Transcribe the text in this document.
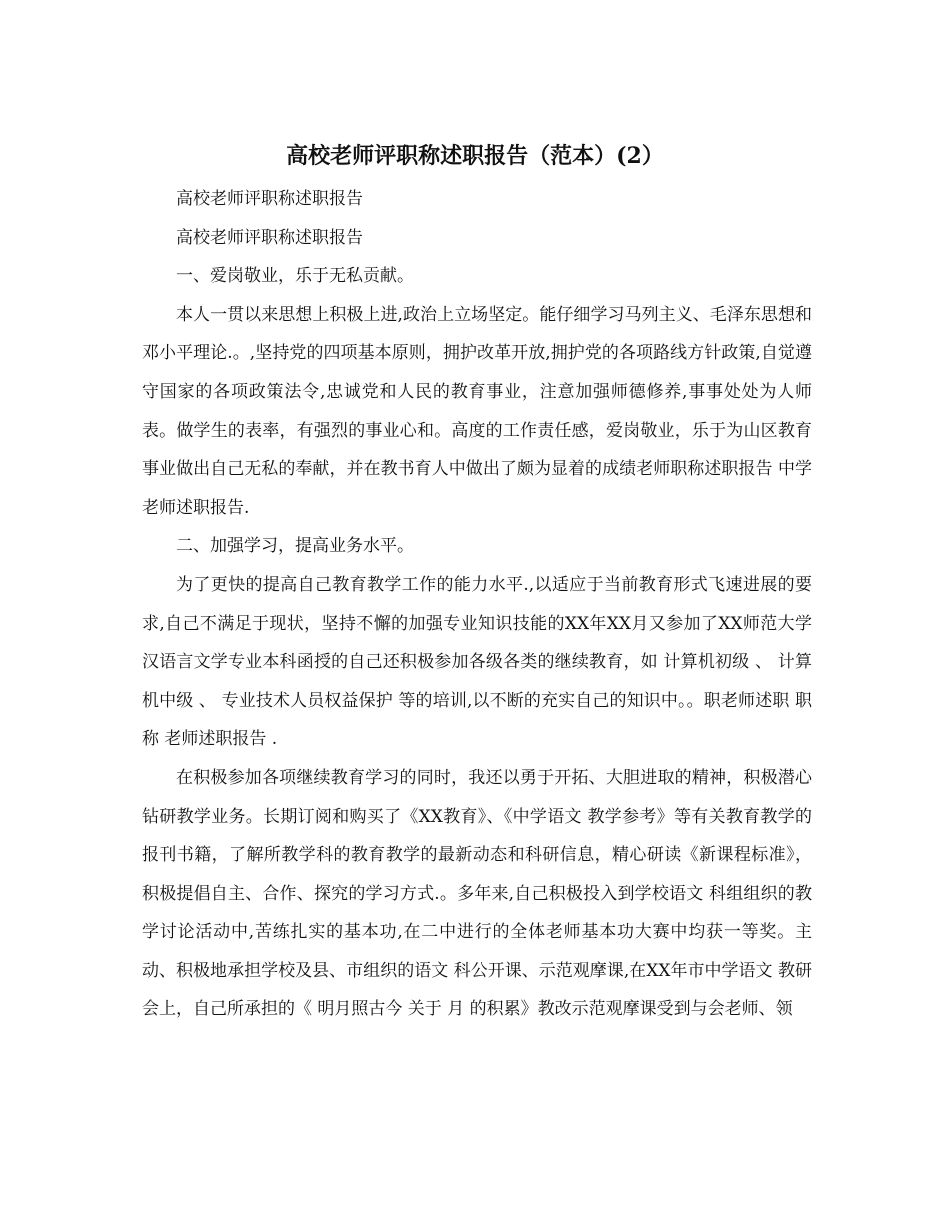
高校老师评职称述职报告（范本）(2）

高校老师评职称述职报告

高校老师评职称述职报告

一、爱岗敬业，乐于无私贡献。

本人一贯以来思想上积极上进,政治上立场坚定。能仔细学习马列主义、毛泽东思想和邓小平理论.。,坚持党的四项基本原则，拥护改革开放,拥护党的各项路线方针政策,自觉遵守国家的各项政策法令,忠诚党和人民的教育事业，注意加强师德修养,事事处处为人师表。做学生的表率，有强烈的事业心和。高度的工作责任感，爱岗敬业，乐于为山区教育事业做出自己无私的奉献，并在教书育人中做出了颇为显着的成绩老师职称述职报告 中学老师述职报告.

二、加强学习，提高业务水平。

为了更快的提高自己教育教学工作的能力水平.,以适应于当前教育形式飞速进展的要求,自己不满足于现状，坚持不懈的加强专业知识技能的XX年XX月又参加了XX师范大学汉语言文学专业本科函授的自己还积极参加各级各类的继续教育，如 计算机初级 、 计算机中级 、 专业技术人员权益保护 等的培训,以不断的充实自己的知识中。。职老师述职 职称 老师述职报告 .

在积极参加各项继续教育学习的同时，我还以勇于开拓、大胆进取的精神，积极潜心钻研教学业务。长期订阅和购买了《XX教育》、《中学语文 教学参考》等有关教育教学的报刊书籍，了解所教学科的教育教学的最新动态和科研信息，精心研读《新课程标准》，积极提倡自主、合作、探究的学习方式.。多年来,自己积极投入到学校语文 科组组织的教学讨论活动中,苦练扎实的基本功,在二中进行的全体老师基本功大赛中均获一等奖。主动、积极地承担学校及县、市组织的语文 科公开课、示范观摩课,在XX年市中学语文 教研会上，自己所承担的《 明月照古今 关于 月 的积累》教改示范观摩课受到与会老师、领
